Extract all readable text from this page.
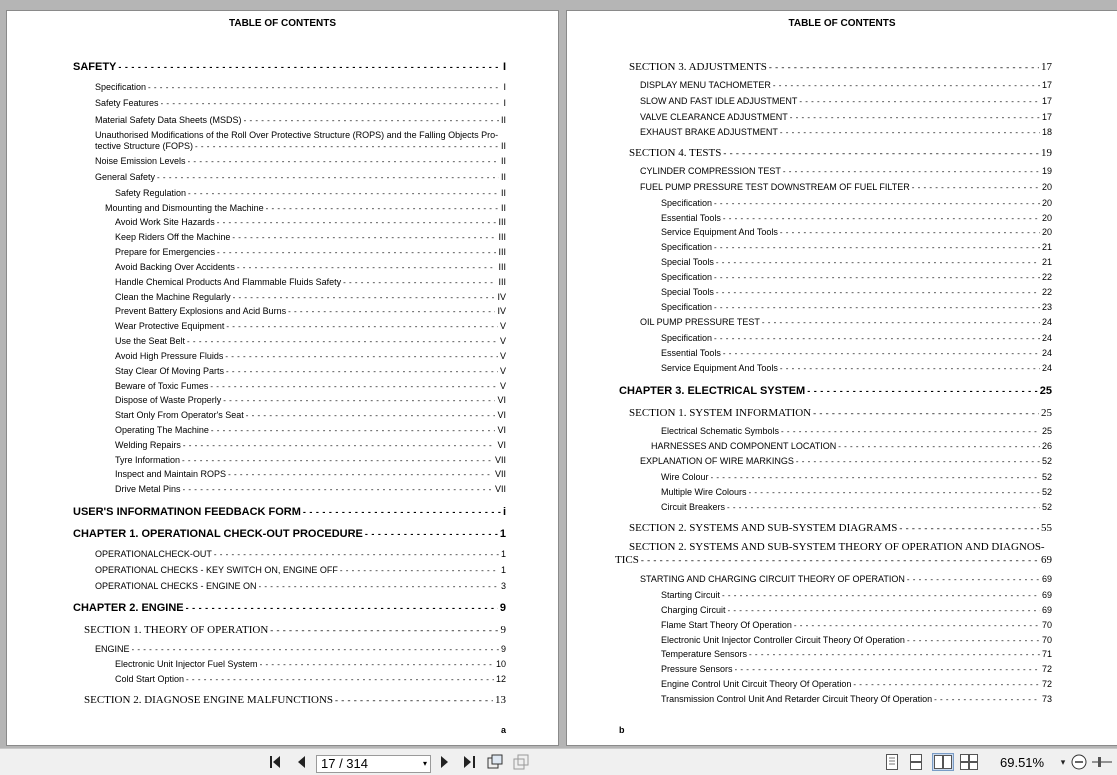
TABLE OF CONTENTS
SAFETY - - -	I
Specification - - -	I
Safety Features - - -	I
Material Safety Data Sheets (MSDS) - - -	II
Unauthorised Modifications of the Roll Over Protective Structure (ROPS) and the Falling Objects Pro-
tective Structure (FOPS) - - -	II
Noise Emission Levels - - -	II
General Safety - - -	II
Safety Regulation - - -	II
Mounting and Dismounting the Machine - - -	II
Avoid Work Site Hazards - - -	III
Keep Riders Off the Machine - - -	III
Prepare for Emergencies - - -	III
Avoid Backing Over Accidents - - -	III
Handle Chemical Products And Flammable Fluids Safety - - -	III
Clean the Machine Regularly - - -	IV
Prevent Battery Explosions and Acid Burns - - -	IV
Wear Protective Equipment - - -	V
Use the Seat Belt - - -	V
Avoid High Pressure Fluids - - -	V
Stay Clear Of Moving Parts - - -	V
Beware of Toxic Fumes - - -	V
Dispose of Waste Properly - - -	VI
Start Only From Operator's Seat - - -	VI
Operating The Machine - - -	VI
Welding Repairs - - -	VI
Tyre Information - - -	VII
Inspect and Maintain ROPS - - -	VII
Drive Metal Pins - - -	VII
USER'S INFORMATINON FEEDBACK FORM - - -	i
CHAPTER 1. OPERATIONAL CHECK-OUT PROCEDURE - - -	1
OPERATIONALCHECK-OUT - - -	1
OPERATIONAL CHECKS - KEY SWITCH ON, ENGINE OFF - - -	1
OPERATIONAL CHECKS - ENGINE ON - - -	3
CHAPTER 2. ENGINE - - -	9
SECTION 1. THEORY OF OPERATION - - -	9
ENGINE - - -	9
Electronic Unit Injector Fuel System - - -	10
Cold Start Option - - -	12
SECTION 2. DIAGNOSE ENGINE MALFUNCTIONS - - -	13
a
TABLE OF CONTENTS
SECTION 3. ADJUSTMENTS - - -	17
DISPLAY MENU TACHOMETER - - -	17
SLOW AND FAST IDLE ADJUSTMENT - - -	17
VALVE CLEARANCE ADJUSTMENT - - -	17
EXHAUST BRAKE ADJUSTMENT - - -	18
SECTION 4. TESTS - - -	19
CYLINDER COMPRESSION TEST - - -	19
FUEL PUMP PRESSURE TEST DOWNSTREAM OF FUEL FILTER - - -	20
Specification - - -	20
Essential Tools - - -	20
Service Equipment And Tools - - -	20
Specification - - -	21
Special Tools - - -	21
Specification - - -	22
Special Tools - - -	22
Specification - - -	23
OIL PUMP PRESSURE TEST - - -	24
Specification - - -	24
Essential Tools - - -	24
Service Equipment And Tools - - -	24
CHAPTER 3. ELECTRICAL SYSTEM - - -	25
SECTION 1. SYSTEM INFORMATION - - -	25
Electrical Schematic Symbols - - -	25
HARNESSES AND COMPONENT LOCATION - - -	26
EXPLANATION OF WIRE MARKINGS - - -	52
Wire Colour - - -	52
Multiple Wire Colours - - -	52
Circuit Breakers - - -	52
SECTION 2. SYSTEMS AND SUB-SYSTEM DIAGRAMS - - -	55
SECTION 2. SYSTEMS AND SUB-SYSTEM THEORY OF OPERATION AND DIAGNOS-
TICS - - -	69
STARTING AND CHARGING CIRCUIT THEORY OF OPERATION - - -	69
Starting Circuit - - -	69
Charging Circuit - - -	69
Flame Start Theory Of Operation - - -	70
Electronic Unit Injector Controller Circuit Theory Of Operation - - -	70
Temperature Sensors - - -	71
Pressure Sensors - - -	72
Engine Control Unit Circuit Theory Of Operation - - -	72
Transmission Control Unit And Retarder Circuit Theory Of Operation - - -	73
b
17 / 314	▾	69.51%	▾
